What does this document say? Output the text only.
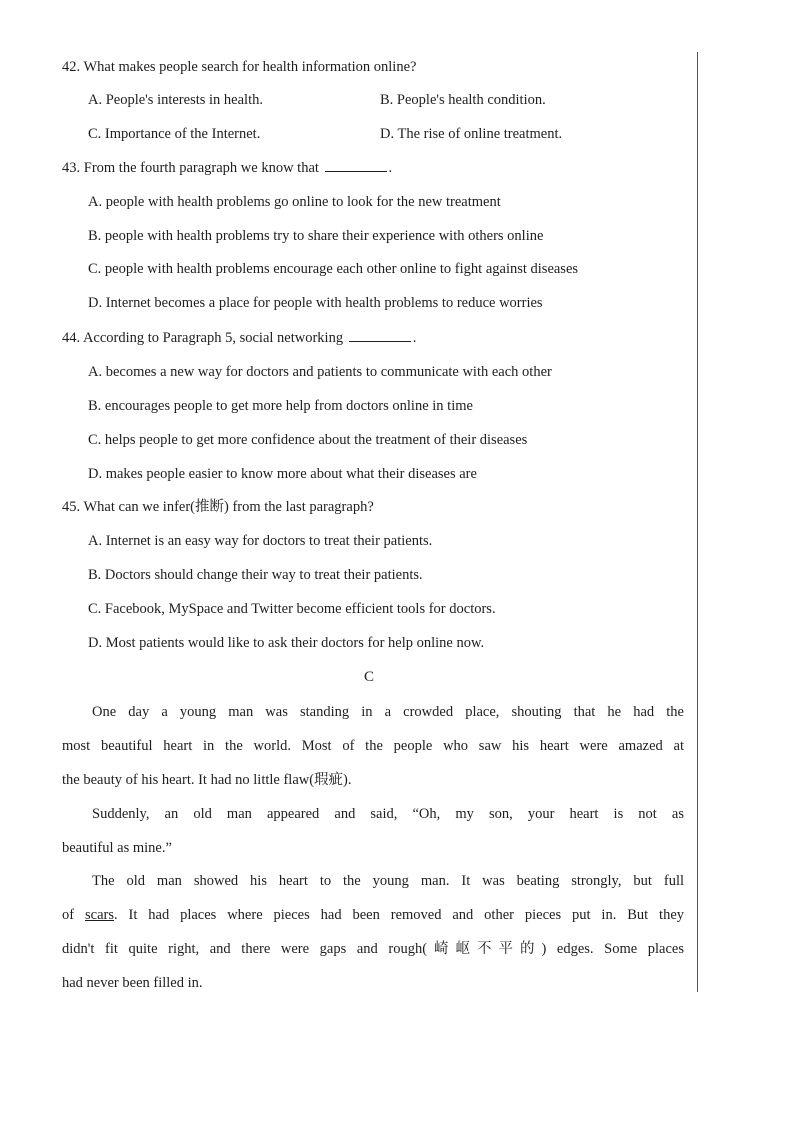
42. What makes people search for health information online?
A. People's interests in health.	B. People's health condition.
C. Importance of the Internet.	D. The rise of online treatment.
43. From the fourth paragraph we know that	.
A. people with health problems go online to look for the new treatment
B. people with health problems try to share their experience with others online
C. people with health problems encourage each other online to fight against diseases
D. Internet becomes a place for people with health problems to reduce worries
44. According to Paragraph 5, social networking	.
A. becomes a new way for doctors and patients to communicate with each other
B. encourages people to get more help from doctors online in time
C. helps people to get more confidence about the treatment of their diseases
D. makes people easier to know more about what their diseases are
45. What can we infer(推断) from the last paragraph?
A. Internet is an easy way for doctors to treat their patients.
B. Doctors should change their way to treat their patients.
C. Facebook, MySpace and Twitter become efficient tools for doctors.
D. Most patients would like to ask their doctors for help online now.
C
One day a young man was standing in a crowded place, shouting that he had the
most beautiful heart in the world. Most of the people who saw his heart were amazed at
the beauty of his heart. It had no little flaw(瑕疵).
Suddenly, an old man appeared and said, “Oh, my son, your heart is not as
beautiful as mine.”
The old man showed his heart to the young man. It was beating strongly, but full
of scars. It had places where pieces had been removed and other pieces put in. But they
didn't fit quite right, and there were gaps and rough(崎岖不平的) edges. Some places
had never been filled in.
